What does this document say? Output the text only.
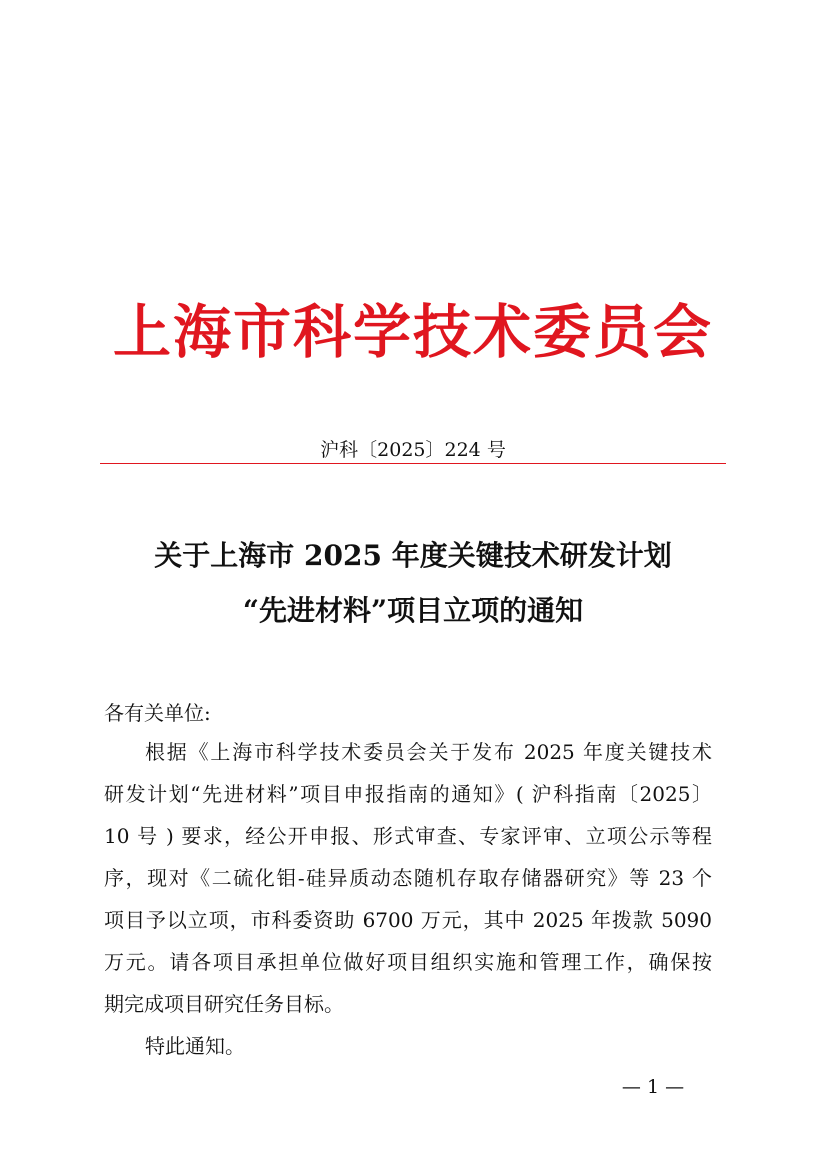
上海市科学技术委员会
沪科〔2025〕224 号
关于上海市 2025 年度关键技术研发计划
“先进材料”项目立项的通知
各有关单位:
根据《上海市科学技术委员会关于发布 2025 年度关键技术
研发计划“先进材料”项目申报指南的通知》( 沪科指南〔2025〕
10 号 ) 要求，经公开申报、形式审查、专家评审、立项公示等程
序，现对《二硫化钼-硅异质动态随机存取存储器研究》等 23 个
项目予以立项，市科委资助 6700 万元，其中 2025 年拨款 5090
万元。请各项目承担单位做好项目组织实施和管理工作，确保按
期完成项目研究任务目标。
特此通知。
— 1 —
